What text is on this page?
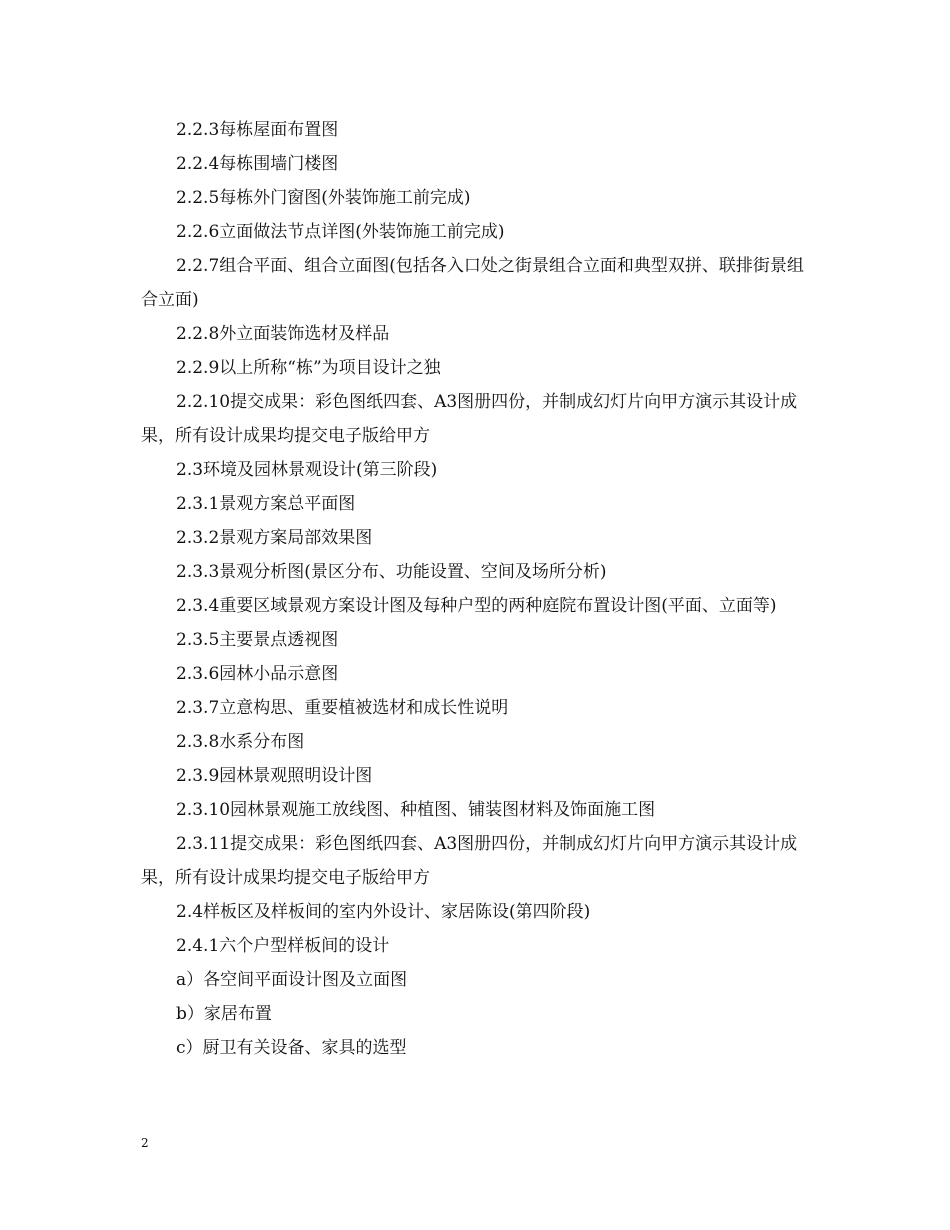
2.2.3每栋屋面布置图

2.2.4每栋围墙门楼图

2.2.5每栋外门窗图(外装饰施工前完成)

2.2.6立面做法节点详图(外装饰施工前完成)

2.2.7组合平面、组合立面图(包括各入口处之街景组合立面和典型双拼、联排街景组合立面)

2.2.8外立面装饰选材及样品

2.2.9以上所称“栋”为项目设计之独

2.2.10提交成果：彩色图纸四套、A3图册四份，并制成幻灯片向甲方演示其设计成果，所有设计成果均提交电子版给甲方

2.3环境及园林景观设计(第三阶段)

2.3.1景观方案总平面图

2.3.2景观方案局部效果图

2.3.3景观分析图(景区分布、功能设置、空间及场所分析)

2.3.4重要区域景观方案设计图及每种户型的两种庭院布置设计图(平面、立面等)

2.3.5主要景点透视图

2.3.6园林小品示意图

2.3.7立意构思、重要植被选材和成长性说明

2.3.8水系分布图

2.3.9园林景观照明设计图

2.3.10园林景观施工放线图、种植图、铺装图材料及饰面施工图

2.3.11提交成果：彩色图纸四套、A3图册四份，并制成幻灯片向甲方演示其设计成果，所有设计成果均提交电子版给甲方

2.4样板区及样板间的室内外设计、家居陈设(第四阶段)

2.4.1六个户型样板间的设计

a）各空间平面设计图及立面图

b）家居布置

c）厨卫有关设备、家具的选型

2
